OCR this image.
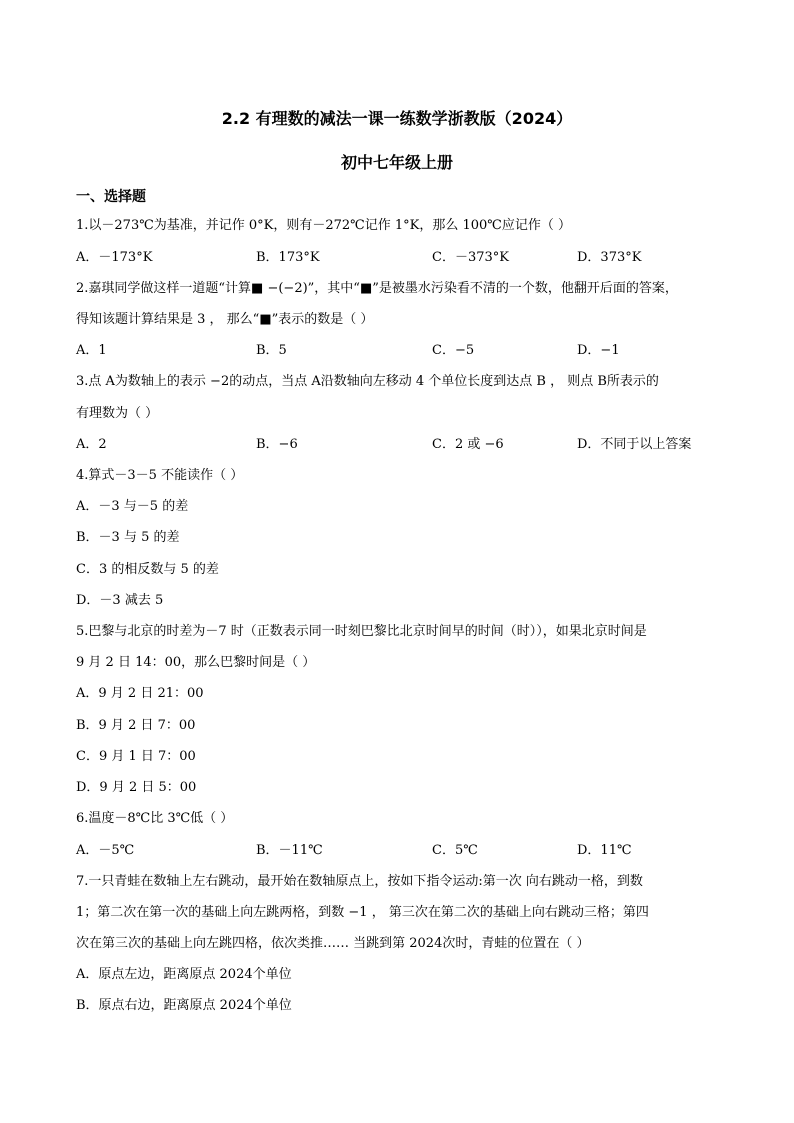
2.2 有理数的减法一课一练数学浙教版（2024）
初中七年级上册
一、选择题
1.以－273℃为基准，并记作 0°K，则有－272℃记作 1°K，那么 100℃应记作（ ）
A．－173°K	B．173°K	C．－373°K	D．373°K
2.嘉琪同学做这样一道题“计算■ −(−2)”，其中“■”是被墨水污染看不清的一个数，他翻开后面的答案，
得知该题计算结果是 3 ， 那么“■”表示的数是（ ）
A．1	B．5	C．−5	D．−1
3.点 A为数轴上的表示 −2的动点，当点 A沿数轴向左移动 4 个单位长度到达点 B ， 则点 B所表示的
有理数为（ ）
A．2	B．−6	C．2 或 −6	D．不同于以上答案
4.算式－3－5 不能读作（ ）
A．－3 与－5 的差
B．－3 与 5 的差
C．3 的相反数与 5 的差
D．－3 减去 5
5.巴黎与北京的时差为－7 时（正数表示同一时刻巴黎比北京时间早的时间（时）），如果北京时间是
9 月 2 日 14：00，那么巴黎时间是（ ）
A．9 月 2 日 21：00
B．9 月 2 日 7：00
C．9 月 1 日 7：00
D．9 月 2 日 5：00
6.温度－8℃比 3℃低（ ）
A．－5℃	B．－11℃	C．5℃	D．11℃
7.一只青蛙在数轴上左右跳动，最开始在数轴原点上，按如下指令运动:第一次 向右跳动一格，到数
1；第二次在第一次的基础上向左跳两格，到数 −1 ， 第三次在第二次的基础上向右跳动三格；第四
次在第三次的基础上向左跳四格，依次类推…… 当跳到第 2024次时，青蛙的位置在（ ）
A．原点左边，距离原点 2024个单位
B．原点右边，距离原点 2024个单位
